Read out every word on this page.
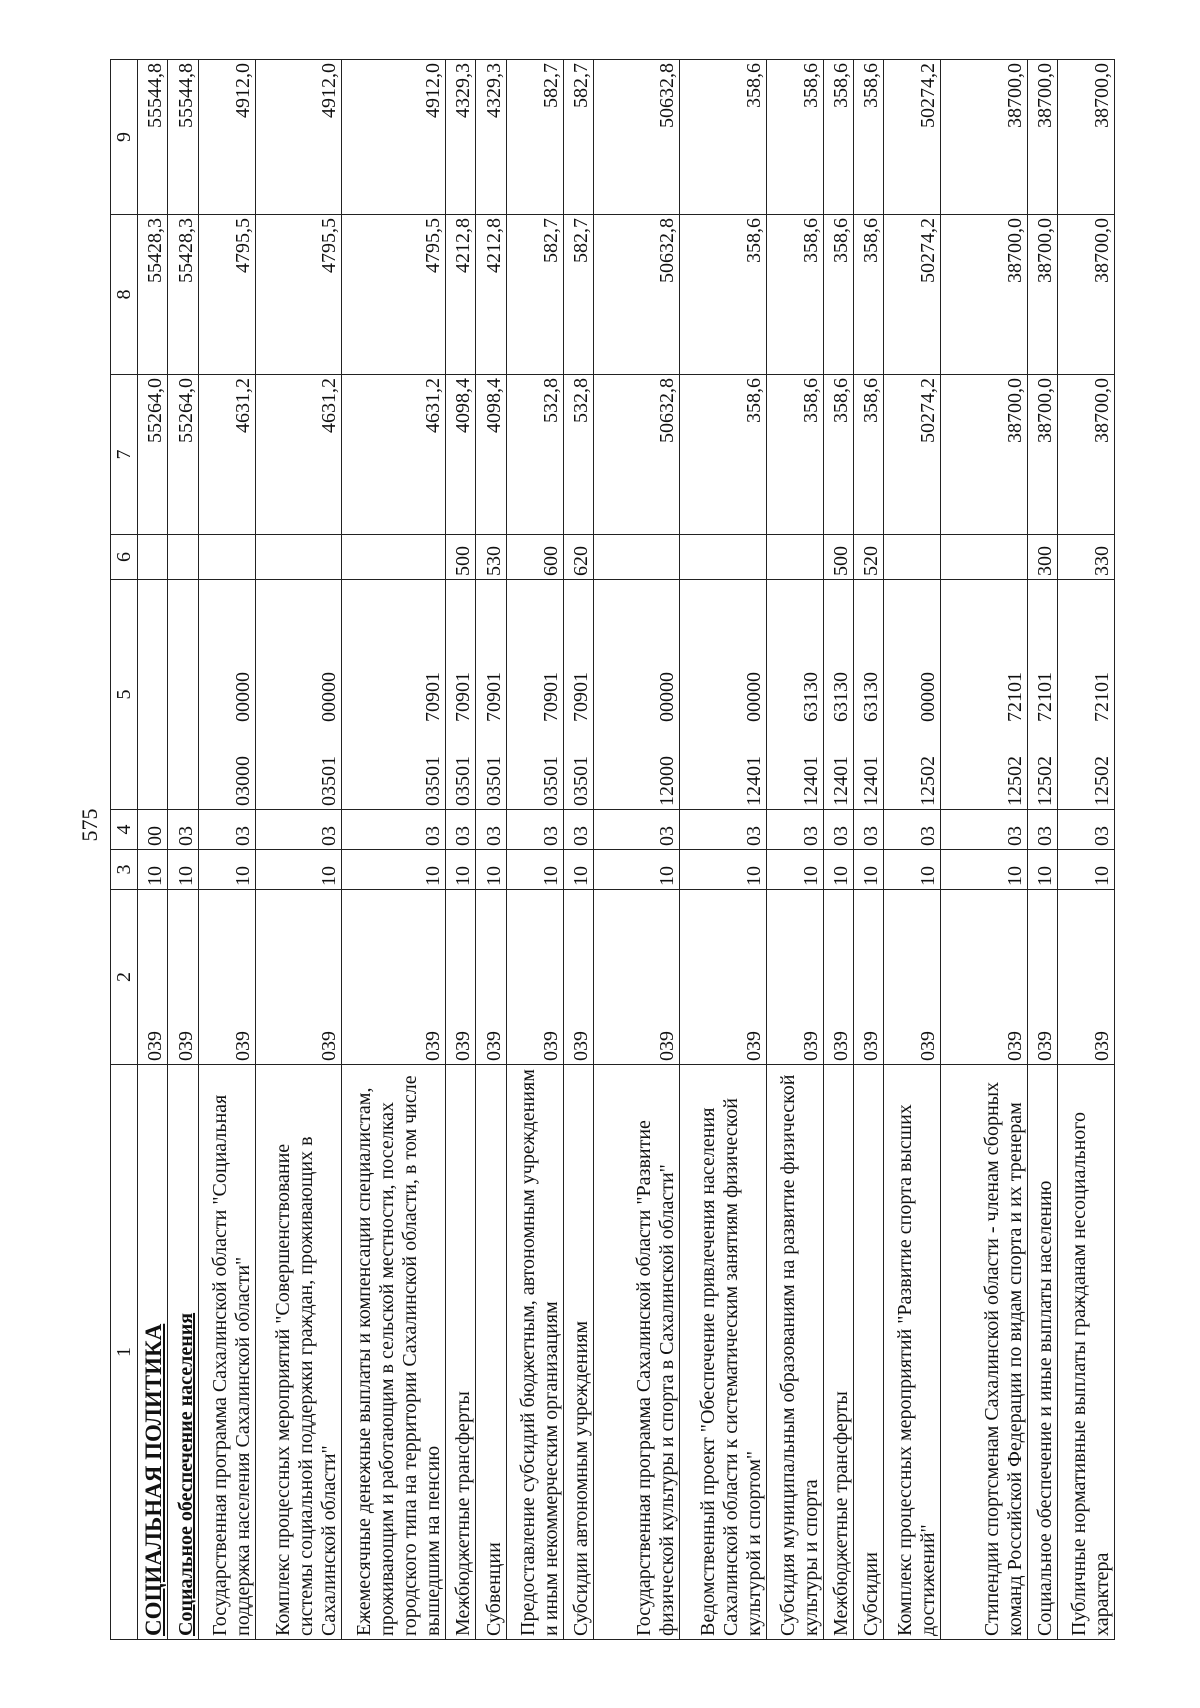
575
1	2	3	4	5	6	7	8	9
СОЦИАЛЬНАЯ ПОЛИТИКА	039	10	00			55264,0	55428,3	55544,8
Социальное обеспечение населения	039	10	03			55264,0	55428,3	55544,8
Государственная программа Сахалинской области "Социальная поддержка населения Сахалинской области"	039	10	03	0300000000		4631,2	4795,5	4912,0
Комплекс процессных мероприятий "Совершенствование системы социальной поддержки граждан, проживающих в Сахалинской области"	039	10	03	0350100000		4631,2	4795,5	4912,0
Ежемесячные денежные выплаты и компенсации специалистам, проживающим и работающим в сельской местности, поселках городского типа на территории Сахалинской области, в том числе вышедшим на пенсию	039	10	03	0350170901		4631,2	4795,5	4912,0
Межбюджетные трансферты	039	10	03	0350170901	500	4098,4	4212,8	4329,3
Субвенции	039	10	03	0350170901	530	4098,4	4212,8	4329,3
Предоставление субсидий бюджетным, автономным учреждениям и иным некоммерческим организациям	039	10	03	0350170901	600	532,8	582,7	582,7
Субсидии автономным учреждениям	039	10	03	0350170901	620	532,8	582,7	582,7
Государственная программа Сахалинской области "Развитие физической культуры и спорта в Сахалинской области"	039	10	03	1200000000		50632,8	50632,8	50632,8
Ведомственный проект "Обеспечение привлечения населения Сахалинской области к систематическим занятиям физической культурой и спортом"	039	10	03	1240100000		358,6	358,6	358,6
Субсидия муниципальным образованиям на развитие физической культуры и спорта	039	10	03	1240163130		358,6	358,6	358,6
Межбюджетные трансферты	039	10	03	1240163130	500	358,6	358,6	358,6
Субсидии	039	10	03	1240163130	520	358,6	358,6	358,6
Комплекс процессных мероприятий "Развитие спорта высших достижений"	039	10	03	1250200000		50274,2	50274,2	50274,2
Стипендии спортсменам Сахалинской области - членам сборных команд Российской Федерации по видам спорта и их тренерам	039	10	03	1250272101		38700,0	38700,0	38700,0
Социальное обеспечение и иные выплаты населению	039	10	03	1250272101	300	38700,0	38700,0	38700,0
Публичные нормативные выплаты гражданам несоциального характера	039	10	03	1250272101	330	38700,0	38700,0	38700,0
